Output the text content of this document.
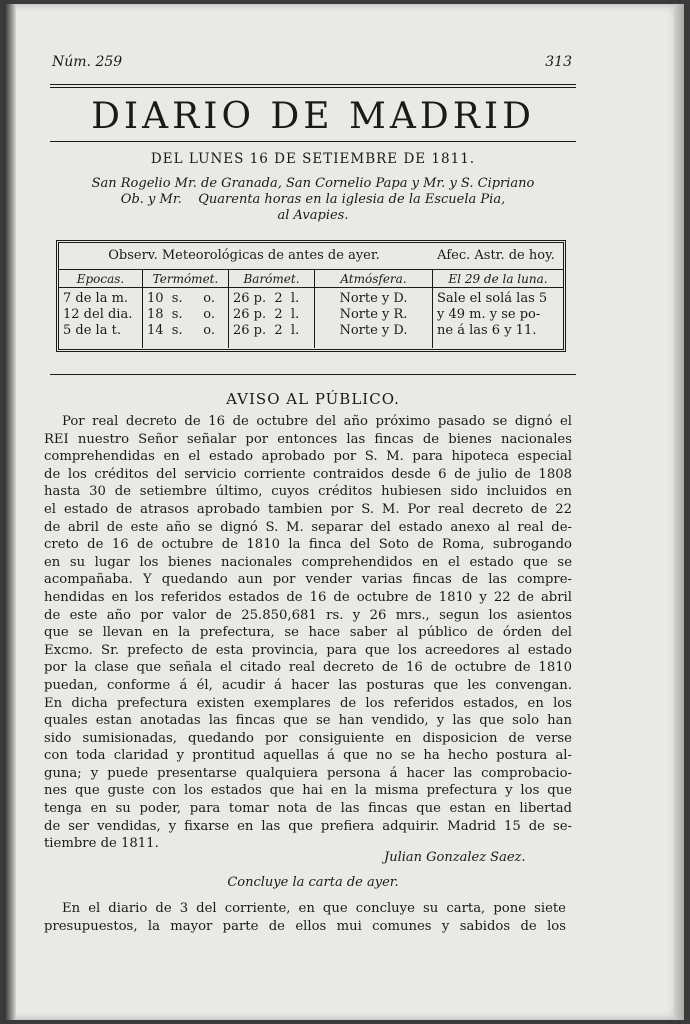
Núm. 259	313
DIARIO DE MADRID
DEL LUNES 16 DE SETIEMBRE DE 1811.
San Rogelio Mr. de Granada, San Cornelio Papa y Mr. y S. Cipriano
Ob. y Mr.    Quarenta horas en la iglesia de la Escuela Pia,
al Avapies.
Observ. Meteorológicas de antes de ayer.	Afec. Astr. de hoy.
Epocas.
7 de la m.
12 del dia.
5 de la t.
Termómet.
10  s.     o.
18  s.     o.
14  s.     o.
Barómet.
26 p.  2  l.
26 p.  2  l.
26 p.  2  l.
Atmósfera.
Norte y D.
Norte y R.
Norte y D.
El 29 de la luna.
Sale el solá las 5
y 49 m. y se po-
ne á las 6 y 11.
AVISO AL PÚBLICO.
Por real decreto de 16 de octubre del año próximo pasado se dignó el
REI nuestro Señor señalar por entonces las fincas de bienes nacionales
comprehendidas en el estado aprobado por S. M. para hipoteca especial
de los créditos del servicio corriente contraidos desde 6 de julio de 1808
hasta 30 de setiembre último, cuyos créditos hubiesen sido incluidos en
el estado de atrasos aprobado tambien por S. M. Por real decreto de 22
de abril de este año se dignó S. M. separar del estado anexo al real de-
creto de 16 de octubre de 1810 la finca del Soto de Roma, subrogando
en su lugar los bienes nacionales comprehendidos en el estado que se
acompañaba. Y quedando aun por vender varias fincas de las compre-
hendidas en los referidos estados de 16 de octubre de 1810 y 22 de abril
de este año por valor de 25.850,681 rs. y 26 mrs., segun los asientos
que se llevan en la prefectura, se hace saber al público de órden del
Excmo. Sr. prefecto de esta provincia, para que los acreedores al estado
por la clase que señala el citado real decreto de 16 de octubre de 1810
puedan, conforme á él, acudir á hacer las posturas que les convengan.
En dicha prefectura existen exemplares de los referidos estados, en los
quales estan anotadas las fincas que se han vendido, y las que solo han
sido sumisionadas, quedando por consiguiente en disposicion de verse
con toda claridad y prontitud aquellas á que no se ha hecho postura al-
guna; y puede presentarse qualquiera persona á hacer las comprobacio-
nes que guste con los estados que hai en la misma prefectura y los que
tenga en su poder, para tomar nota de las fincas que estan en libertad
de ser vendidas, y fixarse en las que prefiera adquirir. Madrid 15 de se-
tiembre de 1811.
Julian Gonzalez Saez.
Concluye la carta de ayer.
En el diario de 3 del corriente, en que concluye su carta, pone siete
presupuestos, la mayor parte de ellos mui comunes y sabidos de los
